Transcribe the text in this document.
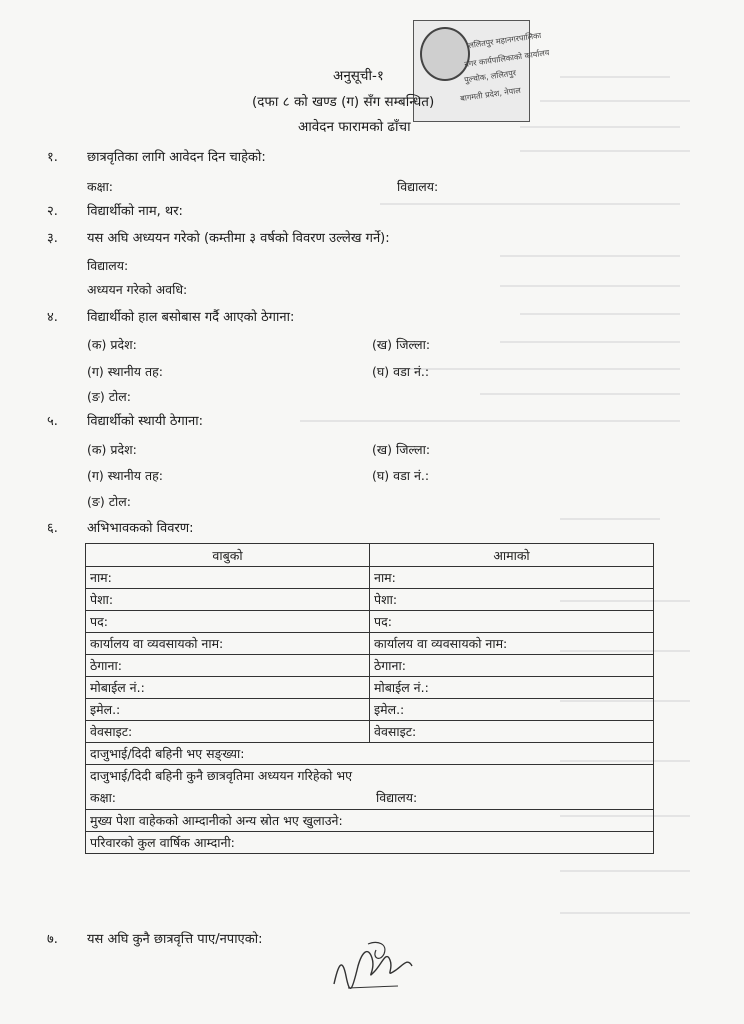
ललितपुर महानगरपालिका
नगर कार्यपालिकाको कार्यालय
पुल्चोक, ललितपुर
बागमती प्रदेश, नेपाल
अनुसूची-१
(दफा ८ को खण्ड (ग) सँग सम्बन्धित)
आवेदन फारामको ढाँचा
१. छात्रवृतिका लागि आवेदन दिन चाहेको:
कक्षा:	विद्यालय:
२. विद्यार्थीको नाम, थर:
३. यस अघि अध्ययन गरेको (कम्तीमा ३ वर्षको विवरण उल्लेख गर्ने):
विद्यालय:
अध्ययन गरेको अवधि:
४. विद्यार्थीको हाल बसोबास गर्दै आएको ठेगाना:
(क) प्रदेश:	(ख) जिल्ला:
(ग) स्थानीय तह:	(घ) वडा नं.:
(ङ) टोल:
५. विद्यार्थीको स्थायी ठेगाना:
(क) प्रदेश:	(ख) जिल्ला:
(ग) स्थानीय तह:	(घ) वडा नं.:
(ङ) टोल:
६. अभिभावकको विवरण:
वाबुको	आमाको
नाम:	नाम:
पेशा:	पेशा:
पद:	पद:
कार्यालय वा व्यवसायको नाम:	कार्यालय वा व्यवसायको नाम:
ठेगाना:	ठेगाना:
मोबाईल नं.:	मोबाईल नं.:
इमेल.:	इमेल.:
वेवसाइट:	वेवसाइट:
दाजुभाई/दिदी बहिनी भए सङ्ख्या:	

दाजुभाई/दिदी बहिनी कुनै छात्रवृतिमा अध्ययन गरिहेको भए
कक्षा: विद्यालय:	

मुख्य पेशा वाहेकको आम्दानीको अन्य स्रोत भए खुलाउने:	
परिवारको कुल वार्षिक आम्दानी:	
७. यस अघि कुनै छात्रवृत्ति पाए/नपाएको:
